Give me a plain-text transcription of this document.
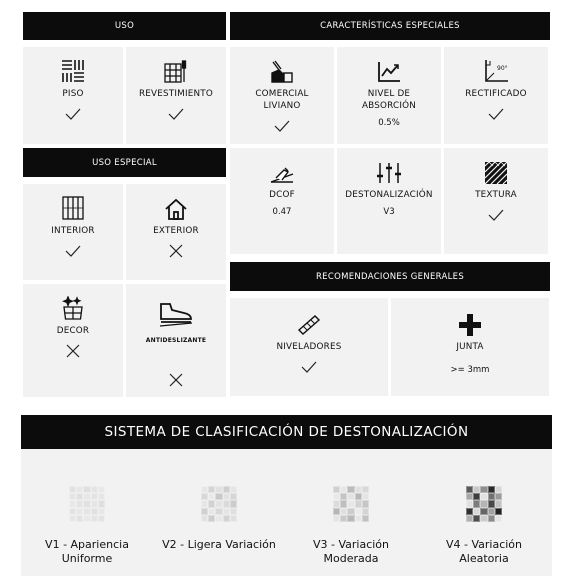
USO	CARACTERÍSTICAS ESPECIALES
USO ESPECIAL
RECOMENDACIONES GENERALES
PISO	REVESTIMIENTO	COMERCIAL
LIVIANO
NIVEL DE
ABSORCIÓN
0.5%
90°
RECTIFICADO
DCOF
0.47
DESTONALIZACIÓN
V3
TEXTURA
INTERIOR	EXTERIOR
DECOR
ANTIDESLIZANTE
NIVELADORES	JUNTA
>= 3mm
SISTEMA DE CLASIFICACIÓN DE DESTONALIZACIÓN
V1 - Apariencia
Uniforme
V2 - Ligera Variación	V3 - Variación
Moderada
V4 - Variación
Aleatoria
